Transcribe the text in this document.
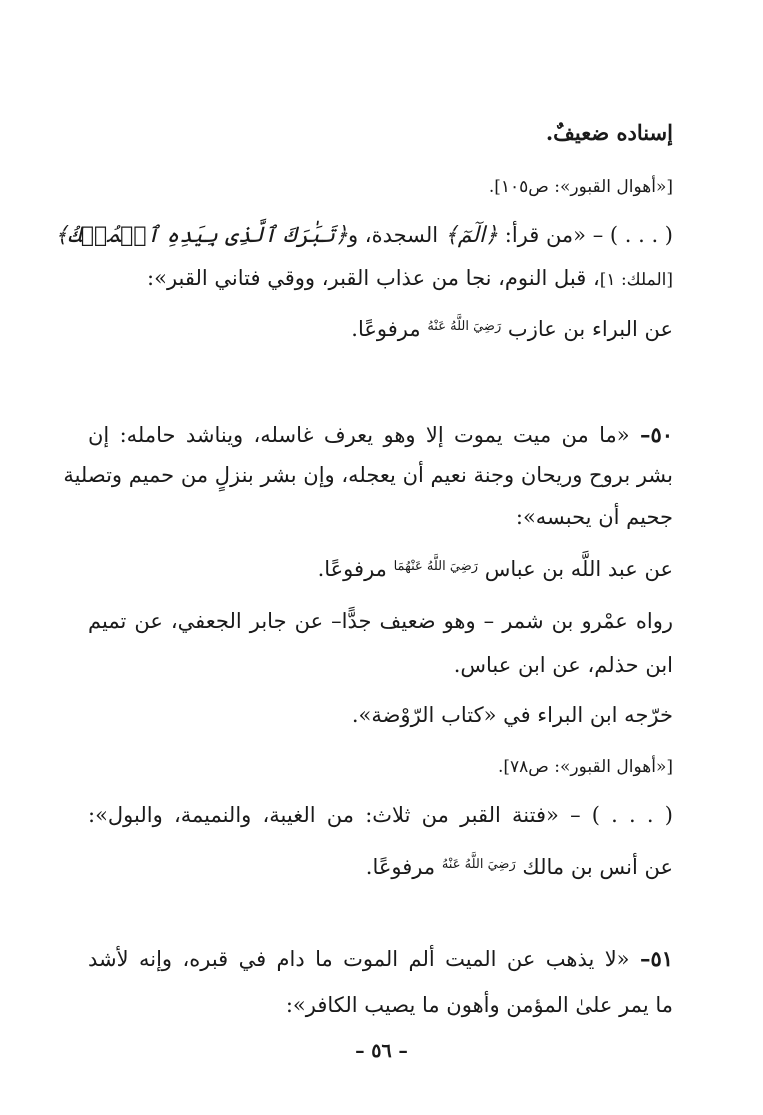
إسناده ضعيفٌ.
[«أهوال القبور»: ص١٠٥].
( . . . ) – «من قرأ: ﴿الٓمٓ﴾ السجدة، و﴿تَبَٰرَكَ ٱلَّذِى بِيَدِهِ ٱلۡمُلۡكُ﴾
[الملك: ١]، قبل النوم، نجا من عذاب القبر، ووقي فتاني القبر»:
عن البراء بن عازب $^{رَضِيَ اللَّهُ عَنْهُ}$ مرفوعًا.
٥٠– «ما من ميت يموت إلا وهو يعرف غاسله، ويناشد حامله: إن
بشر بروح وريحان وجنة نعيم أن يعجله، وإن بشر بنزلٍ من حميم وتصلية
جحيم أن يحبسه»:
عن عبد اللَّه بن عباس $^{رَضِيَ اللَّهُ عَنْهُمَا}$ مرفوعًا.
رواه عمْرو بن شمر – وهو ضعيف جدًّا– عن جابر الجعفي، عن تميم
ابن حذلم، عن ابن عباس.
خرّجه ابن البراء في «كتاب الرّوْضة».
[«أهوال القبور»: ص٧٨].
( . . . ) – «فتنة القبر من ثلاث: من الغيبة، والنميمة، والبول»:
عن أنس بن مالك $^{رَضِيَ اللَّهُ عَنْهُ}$ مرفوعًا.
٥١– «لا يذهب عن الميت ألم الموت ما دام في قبره، وإنه لأشد
ما يمر علىٰ المؤمن وأهون ما يصيب الكافر»:
– ٥٦ –
